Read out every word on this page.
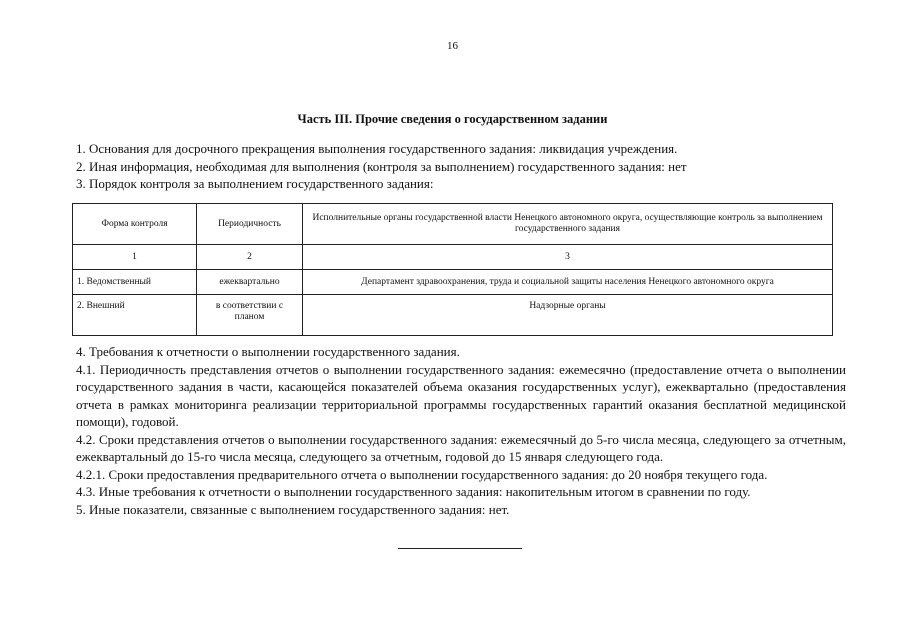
16
Часть III. Прочие сведения о государственном задании
1. Основания для досрочного прекращения выполнения государственного задания: ликвидация учреждения.
2. Иная информация, необходимая для выполнения (контроля за выполнением) государственного задания: нет
3. Порядок контроля за выполнением государственного задания:
Форма контроля	Периодичность	Исполнительные органы государственной власти Ненецкого автономного округа, осуществляющие контроль за выполнением государственного задания
1	2	3
1. Ведомственный	ежеквартально	Департамент здравоохранения, труда и социальной защиты населения Ненецкого автономного округа
2. Внешний	в соответствии с планом	Надзорные органы
4. Требования к отчетности о выполнении государственного задания.
4.1. Периодичность представления отчетов о выполнении государственного задания: ежемесячно (предоставление отчета о выполнении государственного задания в части, касающейся показателей объема оказания государственных услуг), ежеквартально (предоставления отчета в рамках мониторинга реализации территориальной программы государственных гарантий оказания бесплатной медицинской помощи), годовой.
4.2. Сроки представления отчетов о выполнении государственного задания: ежемесячный до 5-го числа месяца, следующего за отчетным, ежеквартальный до 15-го числа месяца, следующего за отчетным, годовой до 15 января следующего года.
4.2.1. Сроки предоставления предварительного отчета о выполнении государственного задания: до 20 ноября текущего года.
4.3. Иные требования к отчетности о выполнении государственного задания: накопительным итогом в сравнении по году.
5. Иные показатели, связанные с выполнением государственного задания: нет.
